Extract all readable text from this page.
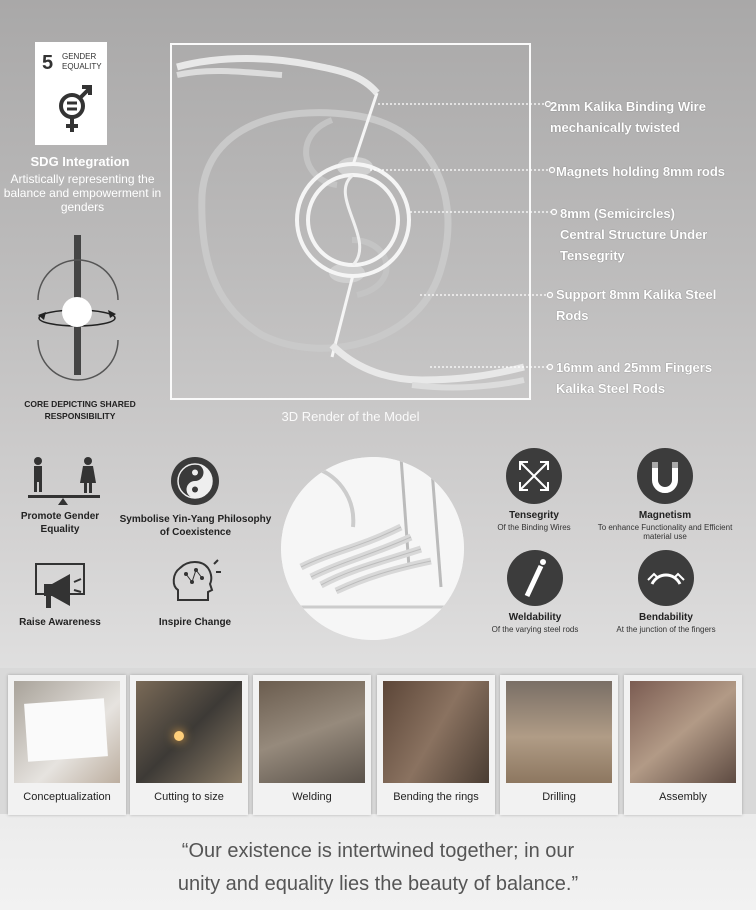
5 GENDER EQUALITY
SDG Integration
Artistically representing the balance and empowerment in genders
CORE DEPICTING SHARED RESPONSIBILITY	3D Render of the Model
2mm Kalika Binding Wire mechanically twisted
Magnets holding 8mm rods
8mm (Semicircles) Central Structure Under Tensegrity
Support 8mm Kalika Steel Rods
16mm and 25mm Fingers Kalika Steel Rods
Promote Gender Equality
Symbolise Yin-Yang Philosophy of Coexistence
Raise Awareness	Inspire Change
Tensegrity
Of the Binding Wires
Magnetism
To enhance Functionality and Efficient material use
Weldability
Of the varying steel rods
Bendability
At the junction of the fingers
Conceptualization	Cutting to size	Welding	Bending the rings	Drilling	Assembly
“Our existence is intertwined together; in our
unity and equality lies the beauty of balance.”
